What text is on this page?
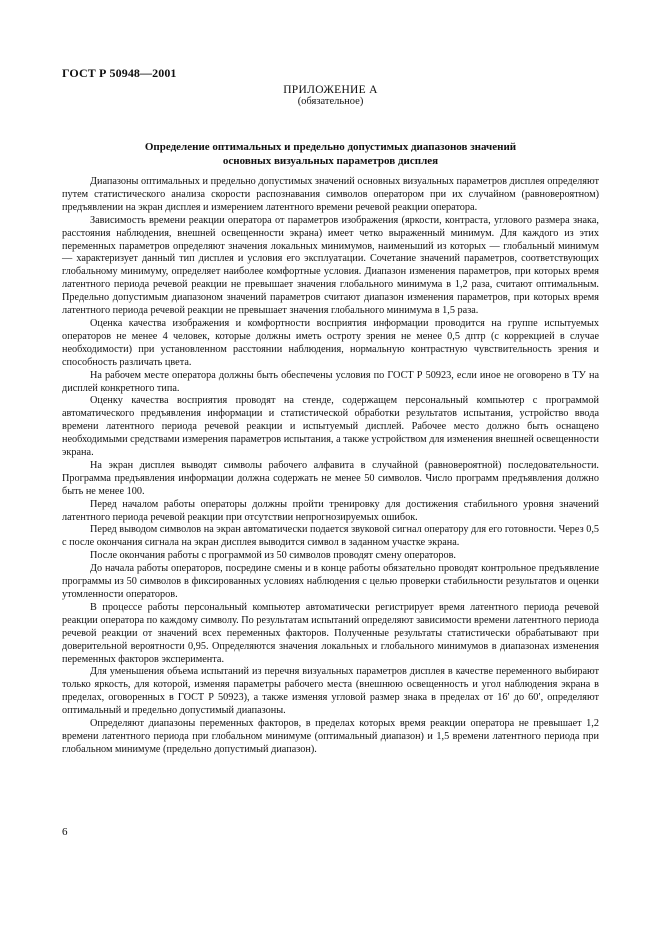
ГОСТ Р 50948—2001
ПРИЛОЖЕНИЕ А
(обязательное)
Определение оптимальных и предельно допустимых диапазонов значений
основных визуальных параметров дисплея

Диапазоны оптимальных и предельно допустимых значений основных визуальных параметров дисплея определяют путем статистического анализа скорости распознавания символов оператором при их случайном (равновероятном) предъявлении на экран дисплея и измерением латентного времени речевой реакции оператора.

Зависимость времени реакции оператора от параметров изображения (яркости, контраста, углового размера знака, расстояния наблюдения, внешней освещенности экрана) имеет четко выраженный минимум. Для каждого из этих переменных параметров определяют значения локальных минимумов, наименьший из которых — глобальный минимум — характеризует данный тип дисплея и условия его эксплуатации. Сочетание значений параметров, соответствующих глобальному минимуму, определяет наиболее комфортные условия. Диапазон изменения параметров, при которых время латентного периода речевой реакции не превышает значения глобального минимума в 1,2 раза, считают оптимальным. Предельно допустимым диапазоном значений параметров считают диапазон изменения параметров, при которых время латентного периода речевой реакции не превышает значения глобального минимума в 1,5 раза.

Оценка качества изображения и комфортности восприятия информации проводится на группе испытуемых операторов не менее 4 человек, которые должны иметь остроту зрения не менее 0,5 дптр (с коррекцией в случае необходимости) при установленном расстоянии наблюдения, нормальную контрастную чувствительность зрения и способность различать цвета.

На рабочем месте оператора должны быть обеспечены условия по ГОСТ Р 50923, если иное не оговорено в ТУ на дисплей конкретного типа.

Оценку качества восприятия проводят на стенде, содержащем персональный компьютер с программой автоматического предъявления информации и статистической обработки результатов испытания, устройство ввода времени латентного периода речевой реакции и испытуемый дисплей. Рабочее место должно быть оснащено необходимыми средствами измерения параметров испытания, а также устройством для изменения внешней освещенности экрана.

На экран дисплея выводят символы рабочего алфавита в случайной (равновероятной) последовательности. Программа предъявления информации должна содержать не менее 50 символов. Число программ предъявления должно быть не менее 100.

Перед началом работы операторы должны пройти тренировку для достижения стабильного уровня значений латентного периода речевой реакции при отсутствии непрогнозируемых ошибок.

Перед выводом символов на экран автоматически подается звуковой сигнал оператору для его готовности. Через 0,5 с после окончания сигнала на экран дисплея выводится символ в заданном участке экрана.

После окончания работы с программой из 50 символов проводят смену операторов.

До начала работы операторов, посредине смены и в конце работы обязательно проводят контрольное предъявление программы из 50 символов в фиксированных условиях наблюдения с целью проверки стабильности результатов и оценки утомленности операторов.

В процессе работы персональный компьютер автоматически регистрирует время латентного периода речевой реакции оператора по каждому символу. По результатам испытаний определяют зависимости времени латентного периода речевой реакции от значений всех переменных факторов. Полученные результаты статистически обрабатывают при доверительной вероятности 0,95. Определяются значения локальных и глобального минимумов в диапазонах изменения переменных факторов эксперимента.

Для уменьшения объема испытаний из перечня визуальных параметров дисплея в качестве переменного выбирают только яркость, для которой, изменяя параметры рабочего места (внешнюю освещенность и угол наблюдения экрана в пределах, оговоренных в ГОСТ Р 50923), а также изменяя угловой размер знака в пределах от 16′ до 60′, определяют оптимальный и предельно допустимый диапазоны.

Определяют диапазоны переменных факторов, в пределах которых время реакции оператора не превышает 1,2 времени латентного периода при глобальном минимуме (оптимальный диапазон) и 1,5 времени латентного периода при глобальном минимуме (предельно допустимый диапазон).

6
